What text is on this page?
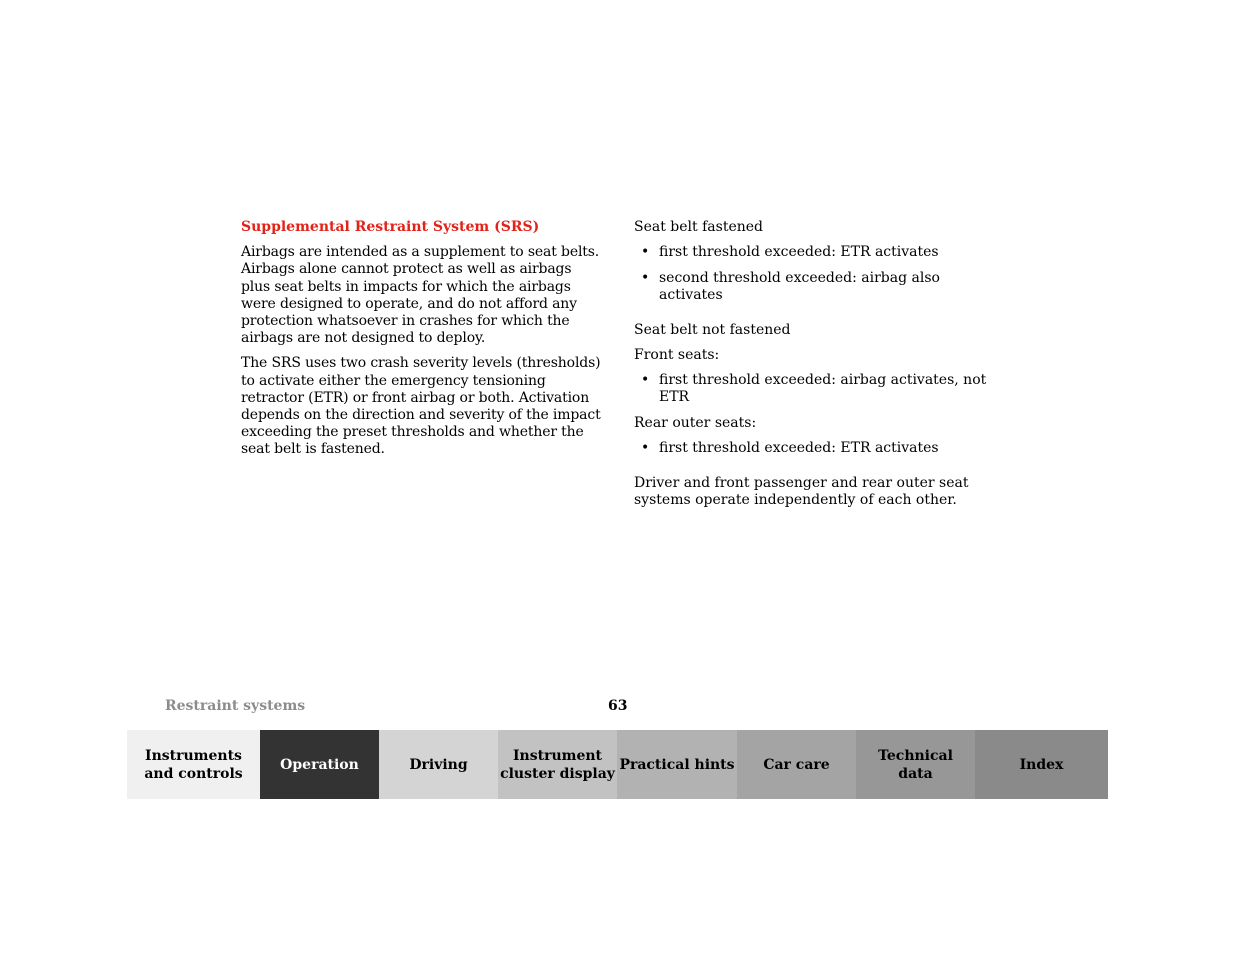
Supplemental Restraint System (SRS)

Airbags are intended as a supplement to seat belts. Airbags alone cannot protect as well as airbags plus seat belts in impacts for which the airbags were designed to operate, and do not afford any protection whatsoever in crashes for which the airbags are not designed to deploy.

The SRS uses two crash severity levels (thresholds) to activate either the emergency tensioning retractor (ETR) or front airbag or both. Activation depends on the direction and severity of the impact exceeding the preset thresholds and whether the seat belt is fastened.

Seat belt fastened

• first threshold exceeded: ETR activates
• second threshold exceeded: airbag also activates

Seat belt not fastened

Front seats:

• first threshold exceeded: airbag activates, not ETR

Rear outer seats:

• first threshold exceeded: ETR activates

Driver and front passenger and rear outer seat systems operate independently of each other.

Restraint systems	63
Instruments
and controls
Operation	Driving
Instrument
cluster display
Practical hints	Car care
Technical
data
Index
